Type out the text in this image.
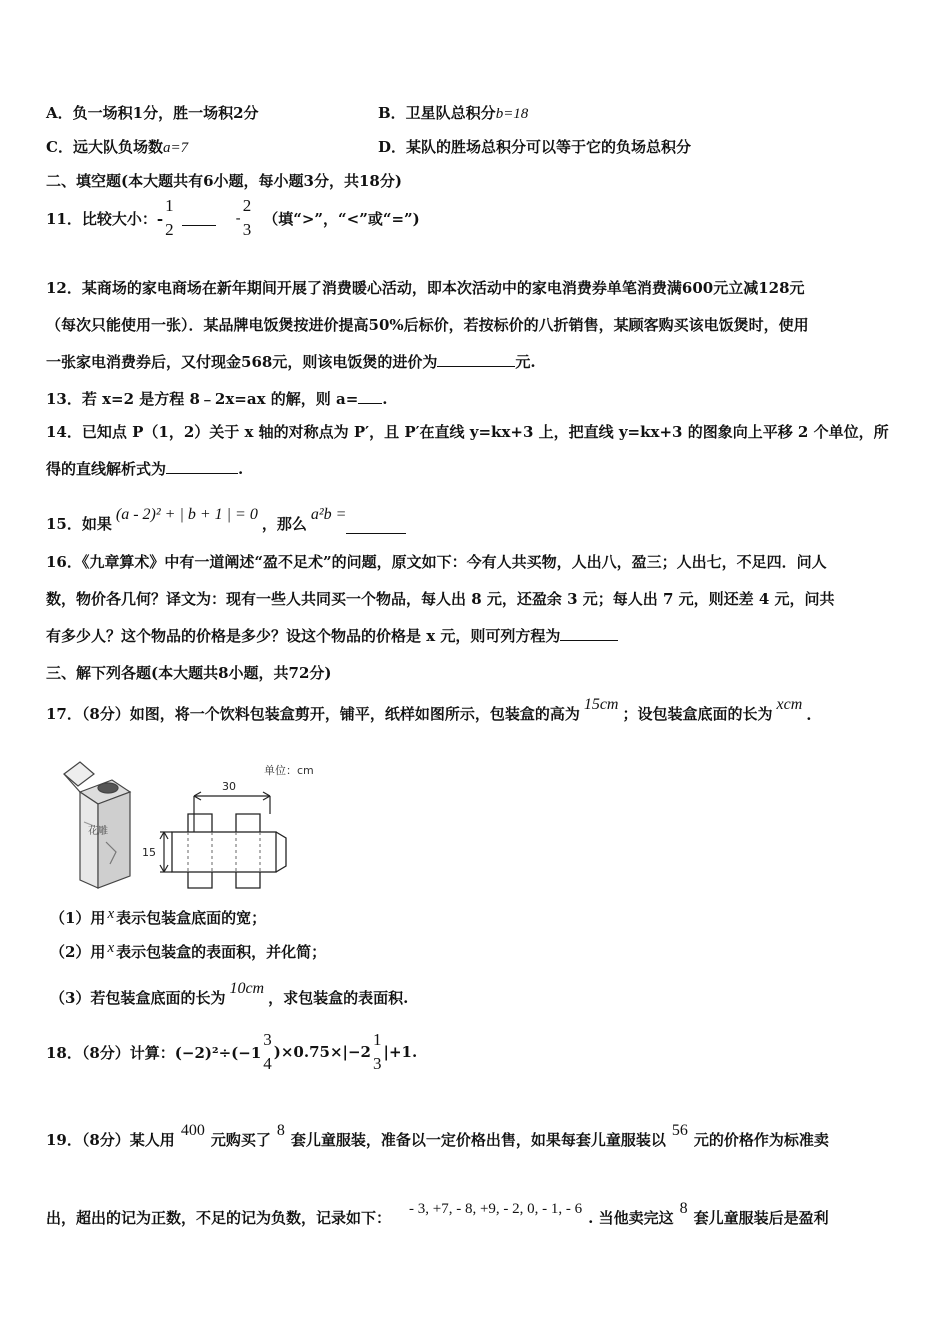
A．负一场积1分，胜一场积2分	B．卫星队总积分b=18
C．远大队负场数a=7	D．某队的胜场总积分可以等于它的负场总积分
二、填空题(本大题共有6小题，每小题3分，共18分)
11．比较大小：-
1
2
-
2
3
（填“>”，“<”或“=”)

12．某商场的家电商场在新年期间开展了消费暖心活动，即本次活动中的家电消费券单笔消费满600元立减128元

（每次只能使用一张）．某品牌电饭煲按进价提高50%后标价，若按标价的八折销售，某顾客购买该电饭煲时，使用

一张家电消费券后，又付现金568元，则该电饭煲的进价为	元.

13．若 x=2 是方程 8﹣2x=ax 的解，则 a= .

14．已知点 P（1，2）关于 x 轴的对称点为 P′，且 P′在直线 y=kx+3 上，把直线 y=kx+3 的图象向上平移 2 个单位，所

得的直线解析式为	.

15．如果
(a - 2)² + | b + 1 | = 0
，那么
a²b =

16．《九章算术》中有一道阐述“盈不足术”的问题，原文如下：今有人共买物，人出八，盈三；人出七，不足四．问人

数，物价各几何？译文为：现有一些人共同买一个物品，每人出 8 元，还盈余 3 元；每人出 7 元，则还差 4 元，问共

有多少人？这个物品的价格是多少？设这个物品的价格是 x 元，则可列方程为

三、解下列各题(本大题共8小题，共72分)
17．（8分）如图，将一个饮料包装盒剪开，铺平，纸样如图所示，包装盒的高为
15cm
；设包装盒底面的长为
xcm
.
花雕
30
15
单位：cm
（1）用 x 表示包装盒底面的宽；
（2）用 x 表示包装盒的表面积，并化简；
（3）若包装盒底面的长为
10cm
，求包装盒的表面积.
18．（8分）计算：(−2)²÷(−1
3
4
)×0.75×|−2
1
3
|+1.
19．（8分）某人用
400
元购买了
8
套儿童服装，准备以一定价格出售，如果每套儿童服装以
56
元的价格作为标准卖
出，超出的记为正数，不足的记为负数，记录如下： - 3, +7, - 8, +9, - 2, 0, - 1, - 6 . 当他卖完这
8
套儿童服装后是盈利
